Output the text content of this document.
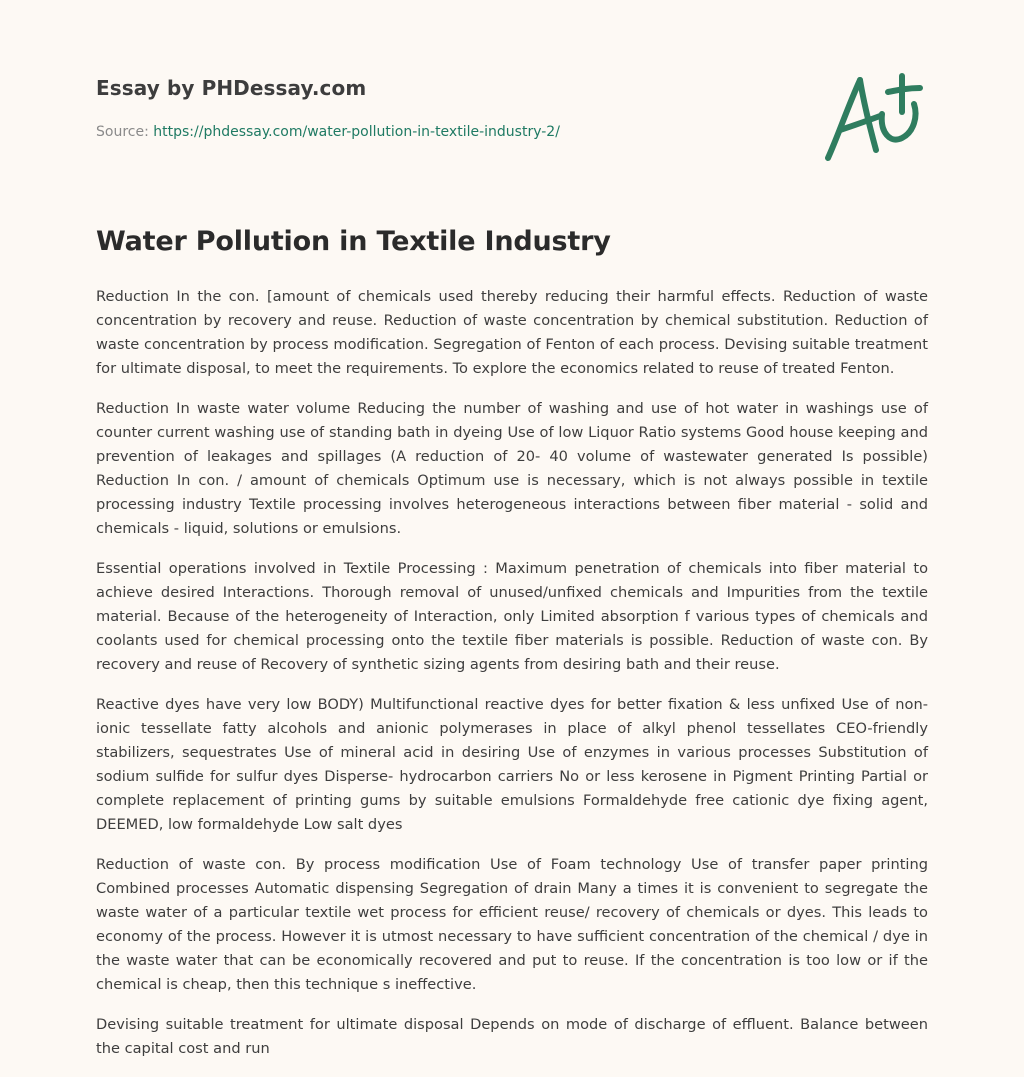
Essay by PHDessay.com
Source: https://phdessay.com/water-pollution-in-textile-industry-2/
Water Pollution in Textile Industry

Reduction In the con. [amount of chemicals used thereby reducing their harmful effects. Reduction of waste concentration by recovery and reuse. Reduction of waste concentration by chemical substitution. Reduction of waste concentration by process modification. Segregation of Fenton of each process. Devising suitable treatment for ultimate disposal, to meet the requirements. To explore the economics related to reuse of treated Fenton.

Reduction In waste water volume Reducing the number of washing and use of hot water in washings use of counter current washing use of standing bath in dyeing Use of low Liquor Ratio systems Good house keeping and prevention of leakages and spillages (A reduction of 20- 40 volume of wastewater generated Is possible) Reduction In con. / amount of chemicals Optimum use is necessary, which is not always possible in textile processing industry Textile processing involves heterogeneous interactions between fiber material - solid and chemicals - liquid, solutions or emulsions.

Essential operations involved in Textile Processing : Maximum penetration of chemicals into fiber material to achieve desired Interactions. Thorough removal of unused/unfixed chemicals and Impurities from the textile material. Because of the heterogeneity of Interaction, only Limited absorption f various types of chemicals and coolants used for chemical processing onto the textile fiber materials is possible. Reduction of waste con. By recovery and reuse of Recovery of synthetic sizing agents from desiring bath and their reuse.

Reactive dyes have very low BODY) Multifunctional reactive dyes for better fixation & less unfixed Use of non-ionic tessellate fatty alcohols and anionic polymerases in place of alkyl phenol tessellates CEO-friendly stabilizers, sequestrates Use of mineral acid in desiring Use of enzymes in various processes Substitution of sodium sulfide for sulfur dyes Disperse- hydrocarbon carriers No or less kerosene in Pigment Printing Partial or complete replacement of printing gums by suitable emulsions Formaldehyde free cationic dye fixing agent, DEEMED, low formaldehyde Low salt dyes

Reduction of waste con. By process modification Use of Foam technology Use of transfer paper printing Combined processes Automatic dispensing Segregation of drain Many a times it is convenient to segregate the waste water of a particular textile wet process for efficient reuse/ recovery of chemicals or dyes. This leads to economy of the process. However it is utmost necessary to have sufficient concentration of the chemical / dye in the waste water that can be economically recovered and put to reuse. If the concentration is too low or if the chemical is cheap, then this technique s ineffective.

Devising suitable treatment for ultimate disposal Depends on mode of discharge of effluent. Balance between the capital cost and run
